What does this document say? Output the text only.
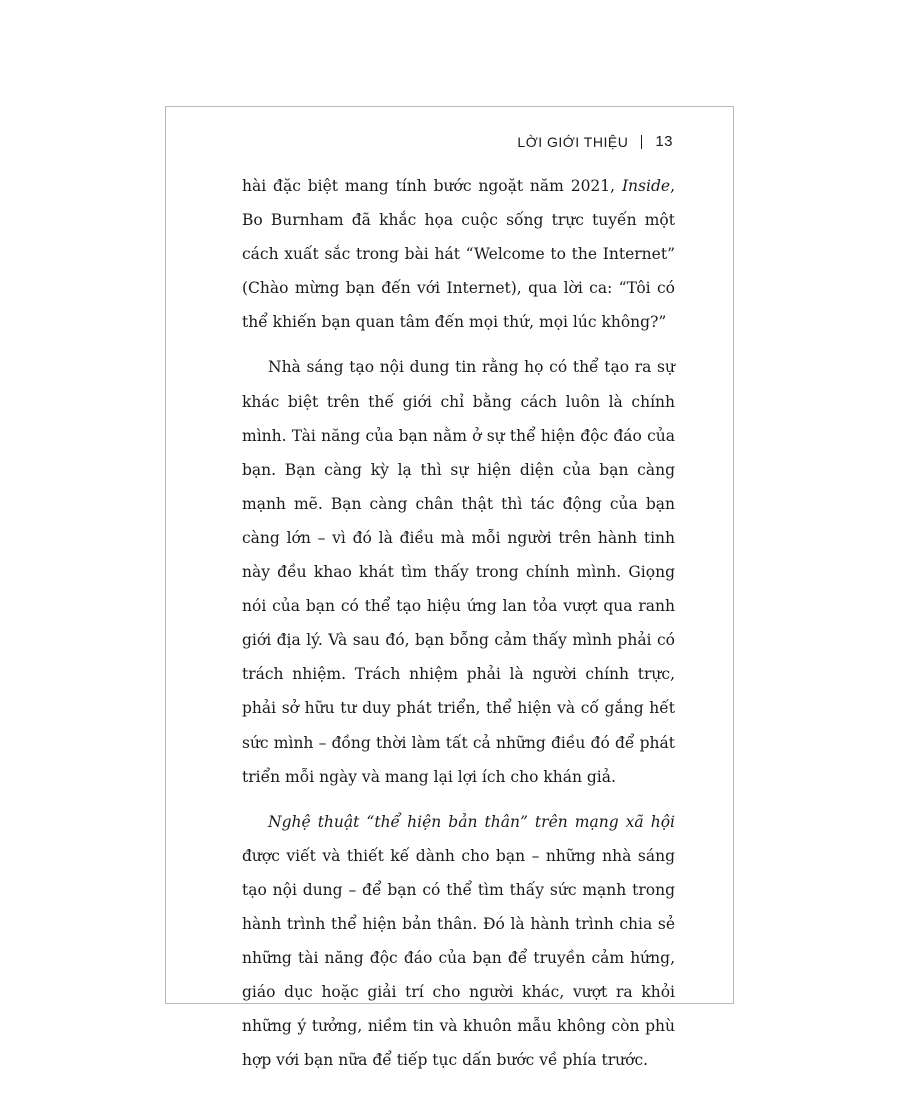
LỜI GIỚI THIỆU 13

hài đặc biệt mang tính bước ngoặt năm 2021, Inside, Bo Burnham đã khắc họa cuộc sống trực tuyến một cách xuất sắc trong bài hát “Welcome to the Internet” (Chào mừng bạn đến với Internet), qua lời ca: “Tôi có thể khiến bạn quan tâm đến mọi thứ, mọi lúc không?”

Nhà sáng tạo nội dung tin rằng họ có thể tạo ra sự khác biệt trên thế giới chỉ bằng cách luôn là chính mình. Tài năng của bạn nằm ở sự thể hiện độc đáo của bạn. Bạn càng kỳ lạ thì sự hiện diện của bạn càng mạnh mẽ. Bạn càng chân thật thì tác động của bạn càng lớn – vì đó là điều mà mỗi người trên hành tinh này đều khao khát tìm thấy trong chính mình. Giọng nói của bạn có thể tạo hiệu ứng lan tỏa vượt qua ranh giới địa lý. Và sau đó, bạn bỗng cảm thấy mình phải có trách nhiệm. Trách nhiệm phải là người chính trực, phải sở hữu tư duy phát triển, thể hiện và cố gắng hết sức mình – đồng thời làm tất cả những điều đó để phát triển mỗi ngày và mang lại lợi ích cho khán giả.

Nghệ thuật “thể hiện bản thân” trên mạng xã hội được viết và thiết kế dành cho bạn – những nhà sáng tạo nội dung – để bạn có thể tìm thấy sức mạnh trong hành trình thể hiện bản thân. Đó là hành trình chia sẻ những tài năng độc đáo của bạn để truyền cảm hứng, giáo dục hoặc giải trí cho người khác, vượt ra khỏi những ý tưởng, niềm tin và khuôn mẫu không còn phù hợp với bạn nữa để tiếp tục dấn bước về phía trước.
